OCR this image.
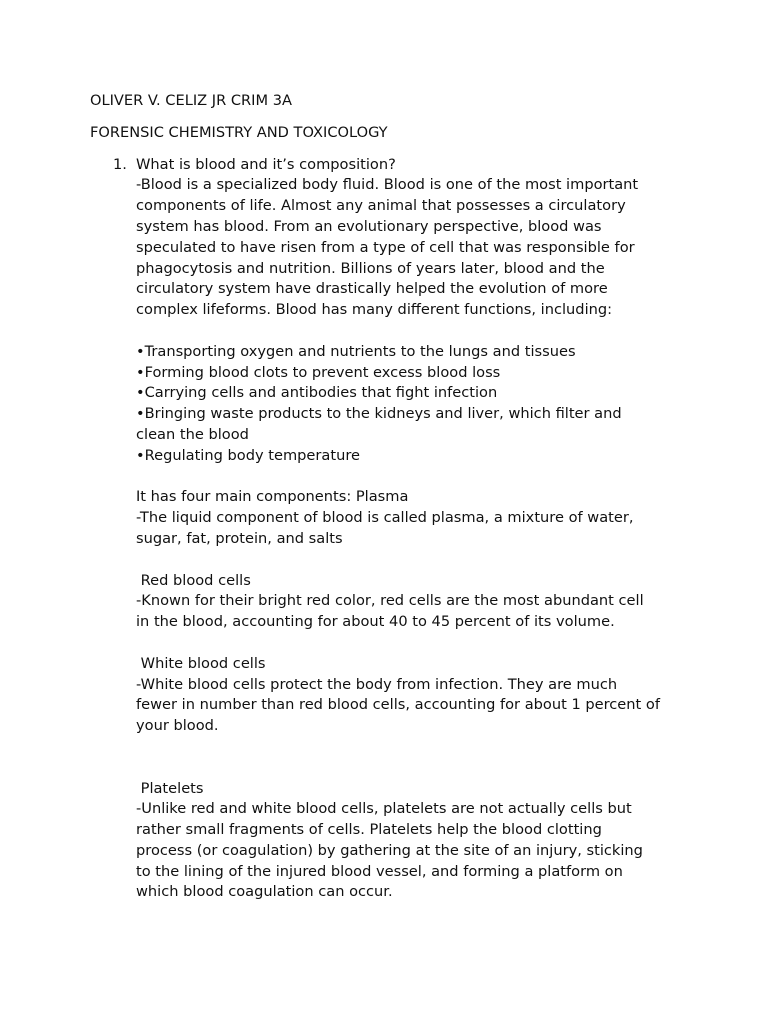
OLIVER V. CELIZ JR CRIM 3A
FORENSIC CHEMISTRY AND TOXICOLOGY
1. What is blood and it’s composition?
-Blood is a specialized body fluid. Blood is one of the most important
components of life. Almost any animal that possesses a circulatory
system has blood. From an evolutionary perspective, blood was
speculated to have risen from a type of cell that was responsible for
phagocytosis and nutrition. Billions of years later, blood and the
circulatory system have drastically helped the evolution of more
complex lifeforms. Blood has many different functions, including:
•Transporting oxygen and nutrients to the lungs and tissues
•Forming blood clots to prevent excess blood loss
•Carrying cells and antibodies that fight infection
•Bringing waste products to the kidneys and liver, which filter and
clean the blood
•Regulating body temperature
It has four main components: Plasma
-The liquid component of blood is called plasma, a mixture of water,
sugar, fat, protein, and salts
Red blood cells
-Known for their bright red color, red cells are the most abundant cell
in the blood, accounting for about 40 to 45 percent of its volume.
White blood cells
-White blood cells protect the body from infection. They are much
fewer in number than red blood cells, accounting for about 1 percent of
your blood.
Platelets
-Unlike red and white blood cells, platelets are not actually cells but
rather small fragments of cells. Platelets help the blood clotting
process (or coagulation) by gathering at the site of an injury, sticking
to the lining of the injured blood vessel, and forming a platform on
which blood coagulation can occur.
